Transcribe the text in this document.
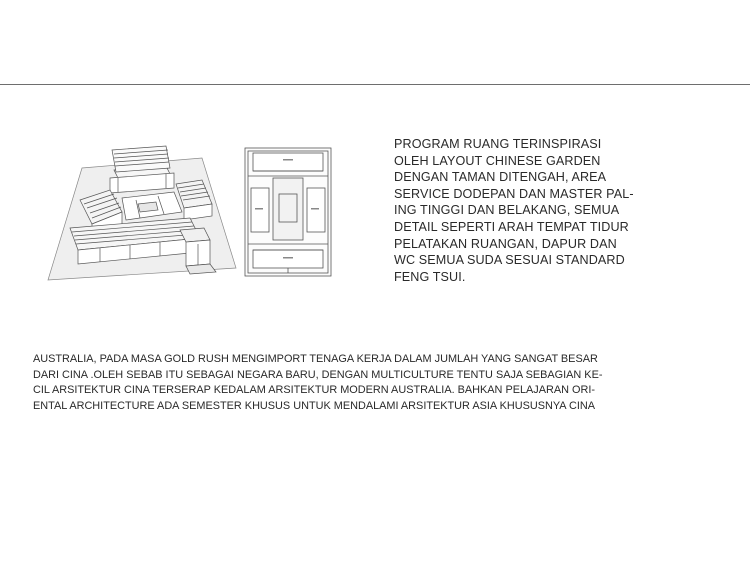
PROGRAM RUANG TERINSPIRASI
OLEH LAYOUT CHINESE GARDEN
DENGAN TAMAN DITENGAH, AREA
SERVICE DODEPAN DAN MASTER PAL-
ING TINGGI DAN BELAKANG, SEMUA
DETAIL SEPERTI ARAH TEMPAT TIDUR
PELATAKAN RUANGAN, DAPUR DAN
WC SEMUA SUDA SESUAI STANDARD
FENG TSUI.
AUSTRALIA, PADA MASA GOLD RUSH MENGIMPORT TENAGA KERJA DALAM JUMLAH YANG SANGAT BESAR
DARI CINA .OLEH SEBAB ITU SEBAGAI NEGARA BARU, DENGAN MULTICULTURE TENTU SAJA SEBAGIAN KE-
CIL ARSITEKTUR CINA TERSERAP KEDALAM ARSITEKTUR MODERN AUSTRALIA. BAHKAN PELAJARAN ORI-
ENTAL ARCHITECTURE ADA SEMESTER KHUSUS UNTUK MENDALAMI ARSITEKTUR ASIA KHUSUSNYA CINA
